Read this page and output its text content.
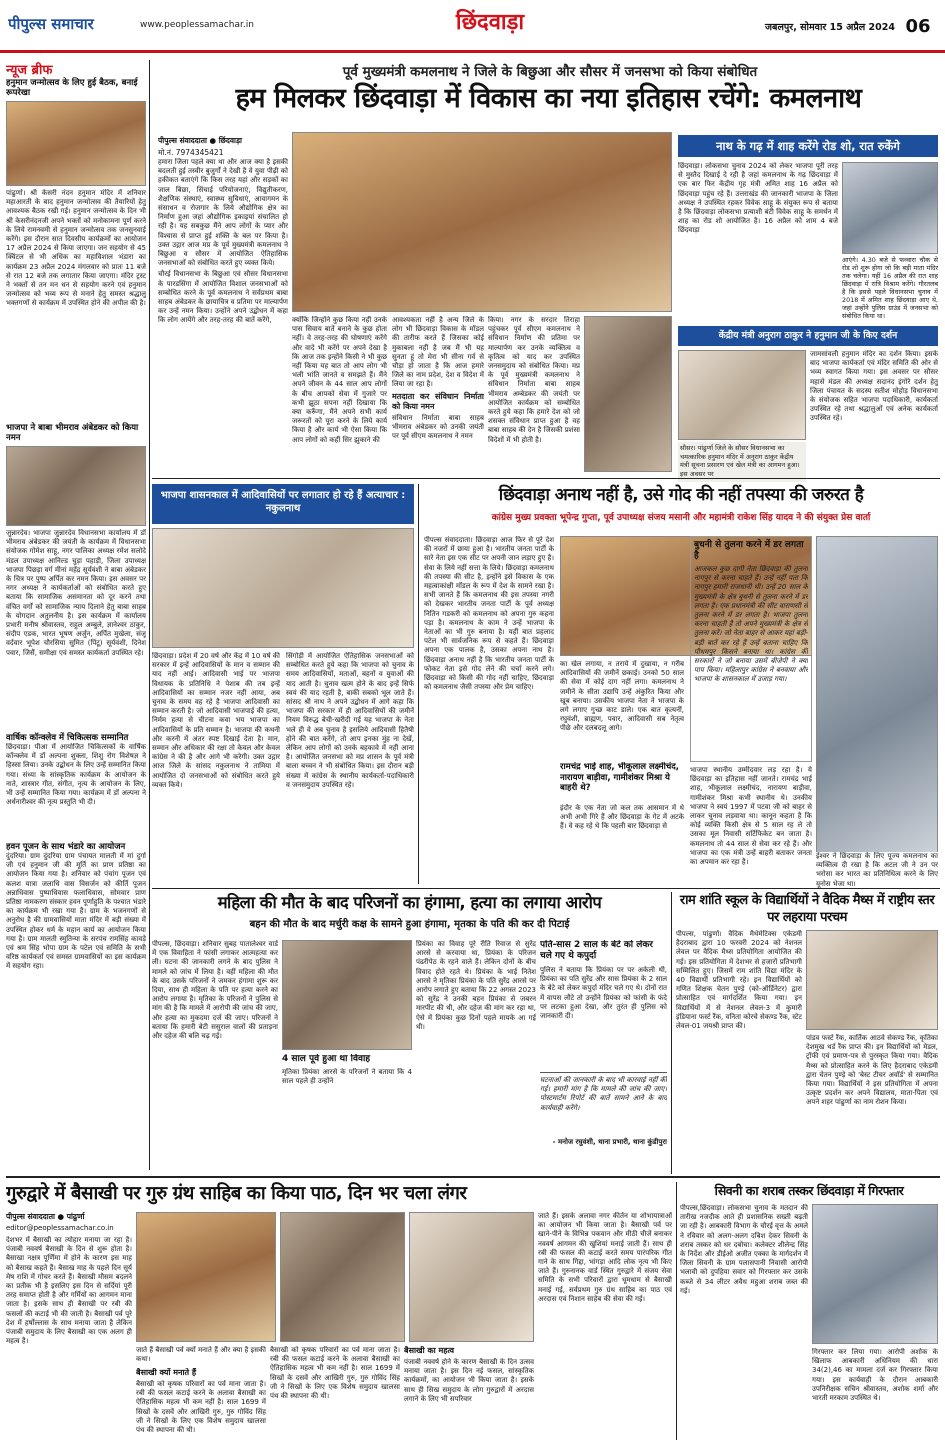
पीपुल्स समाचार	www.peoplessamachar.in	छिंदवाड़ा	जबलपुर, सोमवार 15 अप्रैल 2024 06
न्यूज ब्रीफ
हनुमान जन्मोत्सव के लिए हुई बैठक, बनाई रूपरेखा
पांढुर्णा। श्री केसरी नंदन हनुमान मंदिर में शनिवार महाआरती के बाद हनुमान जन्मोत्सव की तैयारियों हेतु आवश्यक बैठक रखी गई। हनुमान जन्मोत्सव के दिन भी श्री केसरीनंदनजी अपने भक्तों को मनोकामना पूर्ण करने के लिये रामनवमी से हनुमान जन्मोत्सव तक जनसुनवाई करेंगे। इस दौरान सात दिवसीय कार्यक्रमों का आयोजन 17 अप्रैल 2024 से किया जाएगा। जन सहयोग से 45 क्विंटल से भी अधिक का महाविशाल भंडारा का कार्यक्रम 23 अप्रैल 2024 मंगलवार को प्रातः 11 बजे से रात 12 बजे तक लगातार किया जाएगा। मंदिर ट्रस्ट ने भक्तों से तन मन धन से सहयोग करने एवं हनुमान जन्मोत्सव को भव्य रूप से मनाने हेतु समस्त श्रद्धालु भक्तगणों से कार्यक्रम में उपस्थित होने की अपील की है।
भाजपा ने बाबा भीमराव अंबेडकर को किया नमन
जुन्नारदेव। भाजपा जुन्नारदेव विधानसभा कार्यालय में डॉ भीमराव अंबेडकर की जयंती के कार्यक्रम में विधानसभा संयोजक गोमेश साहू, नगर पालिका अध्यक्ष रमेश सलोदे मंडल उपाध्यक्ष आनिल्ड चुड़ा पहाड़ी, जिला उपाध्यक्ष भाजपा पिछड़ा वर्ग मीनां महेंद्र सूर्यवंशी ने बाबा अंबेडकर के चित्र पर पुष्प अर्पित कर नमन किया। इस अवसर पर नगर अध्यक्ष ने कार्यकर्ताओं को संबोधित करते हुए बताया कि सामाजिक असमानता को दूर करने तथा वंचित वर्गों को सामाजिक न्याय दिलाने हेतु बाबा साहब के योगदान अतुलनीय है। इस कार्यक्रम में कार्यालय प्रभारी मनीष श्रीवास्तव, राहुल अम्बुले, ज्ञानेश्वर ठाकुर, संदीप एडक, भारत भूषण अर्जुन, अर्पित मुखेला, संजू वर्दवार भूपेश चौरसिया सुमित (पिंटू) सूर्यवंशी, दिनेश पवार, जिसैं, समीक्षा एवं समस्त कार्यकर्ता उपस्थित रहे।
वार्षिक कॉन्क्लेव में चिकित्सक सम्मानित
छिंदवाड़ा। पीआ में आयोजित चिकित्सकों के वार्षिक कॉन्क्लेव में डॉ अल्पना शुक्ला, शिशु रोग विशेषज्ञ ने हिस्सा लिया। उनके उद्बोधन के लिए उन्हें सम्मानित किया गया। संध्या के सांस्कृतिक कार्यक्रम के आयोजन के नाते, शास्त्रार गीत, संगीत, नृत्य के आयोजन के लिए, भी उन्हें सम्मानित किया गया। कार्यक्रम में डॉ अल्पना ने अर्धनारीश्वर की नृत्य प्रस्तुति भी दी।
हवन पूजन के साथ भंडारे का आयोजन
दुंदरिया। ग्राम दुंदरिया ग्राम पंचायत मालती में मां दुर्गा जी एवं हनुमान जी की मूर्ति का प्राण प्रतिष्ठा का आयोजन किया गया है। शनिवार को पंचांग पूजन एवं कलश यात्रा जलाधि वास विसर्जन को कीर्ति पूजन अन्नाधिवास पुष्पाधिवास फलाधिवास, सोमवार प्राण प्रतिष्ठा नामकरण संस्कार हवन पूर्णाहुति के पश्चात भंडारे का कार्यक्रम भी रखा गया है। ग्राम के भजनगणों से अनुरोध है की ग्रामवासियों माता मंदिर में बड़ी संख्या में उपस्थित होकर धर्म के महान कार्य का आयोजन किया गया है। ग्राम मालती स्मुतिन्या के सरपंच रामसिंह कावड़े एवं श्रम सिंह भोपा ग्राम के पटेल एवं समिति के सभी वरिष्ठ कार्यकर्ता एवं समस्त ग्रामवासियों का इस कार्यक्रम में सहयोग रहा।
पूर्व मुख्यमंत्री कमलनाथ ने जिले के बिछुआ और सौसर में जनसभा को किया संबोधित
हम मिलकर छिंदवाड़ा में विकास का नया इतिहास रचेंगे: कमलनाथ
पीपुल्स संवाददाता ● छिंदवाड़ा
मो.नं. 7974345421

हमारा जिला पहले क्या था और आज क्या है इसकी बदलती हुई तस्वीर बुजुर्गों ने देखी है वे युवा पीढ़ी को हकीकत बताएंगे कि किस तरह यहां और सड़कों का जाल बिछा, सिंचाई परियोजनाएं, विद्युतीकरण, शैक्षणिक संस्थाएं, स्वास्थ्य सुविधाएं, आवागमन के संसाधन व रोजगार के लिये औद्योगिक क्षेत्र का निर्माण हुआ जहां औद्योगिक इकाइयां संचालित हो रही है। यह सबकुछ मैंने आप लोगों के प्यार और विश्वास से प्राप्त हुई शक्ति के बल पर किया है। उक्त उद्गार आज मप्र के पूर्व मुख्यमंत्री कमलनाथ ने बिछुआ व सौसर में आयोजित ऐतिहासिक जनसभाओं को संबोधित करते हुए व्यक्त किये।

चौरई विधानसभा के बिछुआ एवं सौसर विधानसभा के पारडसिंगा में आयोजित विशाल जनसभाओं को सम्बोधित करने के पूर्व कमलनाथ ने सर्वप्रथम बाबा साहब अंबेडकर के छायाचित्र व प्रतिमा पर माल्यार्पण कर उन्हें नमन किया। उन्होंने अपने उद्बोधन में कहा कि लोग आयेंगे और तरह-तरह की बातें करेंगे,	क्योंकि जिन्होंने कुछ किया नहीं उनके पास सिवाय बातें बनाने के कुछ होता नहीं। वे तरह-तरह की घोषणाएं करेंगे और वादे भी करेंगे पर अपने देखा है कि आज तक इन्होंने किसी ने भी कुछ नहीं किया यह बात तो आप लोग भी भली भांति जानते व समझते हैं। मैंने अपने जीवन के 44 साल आप लोगों के बीच आपको सेवा में गुजारे पर कभी झूठा सपना नहीं दिखाया कि क्या करूँगा, मैंने अपने सभी कार्य जरूरतों को पूरा करने के लिये कार्य किया है और कार्य भी ऐसा किया कि आप लोगों को कहीं सिर झुकाने की

आवश्यकता नहीं है अन्य जिले के लोग भी छिंदवाड़ा विकास के मॉडल की तारीफ करते हैं जिसका कोई मुकाबला नहीं है जब मैं भी यह सुनता हूं तो मेरा भी सीना गर्व से चौड़ा हो जाता है कि आज हमारे जिले का नाम प्रदेश, देश व विदेश में लिया जा रहा है।

मतदाता कर संविधान निर्माता को किया नमन

संविधान निर्माता बाबा साहब भीमराव अंबेडकर को उनकी जयंती पर पूर्व सीएम कमलनाथ ने नमन

किया। नगर के सरदार तिराहा पहुंचकर पूर्व सीएम कमलनाथ ने संविधान निर्माण की प्रतिमा पर माल्यार्पण कर उनके व्यक्तित्व व कृतित्व को याद कर उपस्थित जनसमुदाय को संबोधित किया। मप्र के पूर्व मुख्यमंत्री कमलनाथ ने संविधान निर्माता बाबा साहब भीमराव अम्बेडकर की जयंती पर आयोजित कार्यक्रम को सम्बोधित करते हुये कहा कि हमारे देश को जो शसक्त संविधान प्राप्त हुआ है वह बाबा साहब की देन है जिसकी प्रशंसा विदेशों में भी होती है।
नाथ के गढ़ में शाह करेंगे रोड शो, रात रुकेंगे
छिंदवाड़ा। लोकसभा चुनाव 2024 को लेकर भाजपा पूरी तरह से मुस्तैद दिखाई दे रही है जहां कमलनाथ के गढ़ छिंदवाड़ा में एक बार फिर केंद्रीय गृह मंत्री अमित शाह 16 अप्रैल को छिंदवाड़ा पहुंच रहे हैं। उत्तराखंड की जानकारी भाजपा के जिला अध्यक्ष ने उपस्थित रहकर विवेक साहू के संयुक्त रूप से बताया है कि छिंदवाड़ा लोकसभा प्रत्याशी बंटी विवेक साहू के समर्थन में शाह का रोड शो आयोजित है। 16 अप्रैल को शाम 4 बजे छिंदवाड़ा
आएंगे। 4.30 बजे से फव्वारा चौक से रोड शो शुरू होगा जो कि बड़ी माता मंदिर तक चलेगा। यहीं 16 अप्रैल की रात शाह छिंदवाड़ा में रात्रि विश्राम करेंगे। गौरतलब है कि इससे पहले विधानसभा चुनाव में 2018 में अमित शाह छिंदवाड़ा आए थे, जहां उन्होंने पुलिस ग्राउंड में जनसभा को संबोधित किया था।
केंद्रीय मंत्री अनुराग ठाकुर ने हनुमान जी के किए दर्शन
सौसर। पांढुर्णा जिले के सौसर विधानसभा का चमत्कारिक हनुमान मंदिर में अनुराग ठाकुर केंद्रीय मंत्री सूचना प्रसारण एवं खेल मंत्री का आगमन हुआ। इस अवसर पर
जामसांवली हनुमान मंदिर का दर्शन किया। इसके बाद भाजपा कार्यकर्ता एवं मंदिर समिति की ओर से भव्य स्वागत किया गया। इस अवसर पर सौसर महासे मंडल की अध्यक्ष सदानंद इंगोरे दर्शन हेतु जिला पंचायत के सदस्य सतीश मोहोड़ विधानसभा के संयोजक सहित भाजपा पदाधिकारी, कार्यकर्ता उपस्थित रहे तथा श्रद्धालुओं एवं अनेक कार्यकर्ता उपस्थित रहे।
भाजपा शासनकाल में आदिवासियों पर लगातार हो रहे हैं अत्याचार : नकुलनाथ
छिंदवाड़ा। प्रदेश में 20 वर्ष और केंद्र में 10 वर्ष की सरकार में इन्हें आदिवासियों के मान व सम्मान की याद नहीं आई। आदिवासी भाई पर भाजपा विधायक के प्रतिनिधि ने पेशाब की तब इन्हें आदिवासियों का सम्मान नजर नहीं आया, अब चुनाव के समय वह रहे है भाजपा आदिवासी का सम्मान करती है। जो आदिवासी भाजपाई की हत्या, निर्मम हत्या से चीटना कवा भय भाजपा का आदिवासियों के प्रति सम्मान है। भाजपा की कथनी और करनी में अंतर स्पष्ट दिखाई देता है। मान, सम्मान और अधिकार की रक्षा तो केवल और केवल कांग्रेस ने की है और आगे भी करेगी। उक्त उद्गार आज जिले के सांसद नकुलनाथ ने तामिया में आयोजित दो जनसभाओं को संबोधित करते हुये व्यक्त किये।
सिंगोड़ी में आयोजित ऐतिहासिक जनसभाओं को सम्बोधित करते हुये कहा कि भाजपा को चुनाव के समय आदिवासियों, मताओं, बहनों व युवाओं की याद आती है। चुनाव खत्म होने के बाद इन्हें सिर्फ स्वयं की याद रहती है, बाकी सबको भूल जाते हैं। सांसद श्री नाथ ने अपने उद्बोधन में आगे कहा कि भाजपा की सरकार में ही आदिवासियों की जमीनें नियम विरुद्ध बेची-खरीदी गई यह भाजपा के नेता भले ही वे अब चुनाव है इसलिये आदिवासी हितैषी होने की बात करेंगे, तो आप इनका मुंह ना देखें, लेकिन आप लोगों को उनके बहकावे में नहीं आना है। आयोजित जनसभा को मप्र शासन के पूर्व मंत्री बाला बच्चन ने भी संबोधित किया। इस दौरान बड़ी संख्या में कांग्रेस के स्थानीय कार्यकर्ता-पदाधिकारी व जनसमुदाय उपस्थित रहे।
छिंदवाड़ा अनाथ नहीं है, उसे गोद की नहीं तपस्या की जरुरत है
कांग्रेस मुख्य प्रवक्ता भूपेन्द्र गुप्ता, पूर्व उपाध्यक्ष संजय मसानी और महामंत्री राकेश सिंह यादव ने की संयुक्त प्रेस वार्ता
पीपल्स संवाददाता। छिंदवाड़ा आज फिर से पूरे देश की नजरों में छाया हुआ है। भारतीय जनता पार्टी के सारे नेता इस एक सीट पर अपनी जान लड़ाए हुए है। सेवा के लिये नहीं सत्ता के लिये। छिंदवाड़ा कमलनाथ की तपस्या की सीट है, इन्होंने इसे विकास के एक महत्वाकांक्षी मॉडल के रूप में देश के सामने रखा है। सभी जानते हैं कि कमलनाथ की इस तपस्या नगरी को देखकर भारतीय जनता पार्टी के पूर्व अध्यक्ष नितिन गडकरी को कमलनाथ को अपना गुरु कहना पड़ा है। कमलनाथ के काम ने उन्हें भाजपा के नेताओं का भी गुरु बनाया है। यहीं बात प्रहलाद पटेल भी सार्वजनिक रूप से कहते हैं। छिंदवाड़ा अपना एक पालक है, उसका अपना नाथ है। छिंदवाड़ा अनाथ नहीं है कि भारतीय जनता पार्टी के फोकट नेता इसे गोद लेने की चर्चा करने लगे। छिंदवाड़ा को किसी की गोद नहीं चाहिए, छिंदवाड़ा को कमलनाथ जैसी तपस्या और प्रेम चाहिए।
का खेल लगाया, न तराये में दुखाया, न गरीब आदिवासियों की जमीनें छकाई। उनको 50 साल की सेवा में कोई दाग नहीं लगा। कमलनाथ ने जमीनें के सीता उद्यापि उन्हें अंकुरित किया और खूब बनाया। उसकीय भाजपा नेता ने भाजपा के लगे लगाए गुच्छ काट डाले। एक बात कृत्यनीं, रघुवंशी, ब्राह्मण, पवार, आदिवासी सब नेतृत्व पीछे और दलबदलू आगे।
रामचंद्र भाई शाह, भीकूलाल लक्ष्मीचंद, नारायण बाड़ीवा, गामीशंकर मिश्रा ये बाहरी थे?
इंदौर के एक नेता जो कल तक आसमान में थे अभी अभी गिरे हैं और छिंदवाड़ा के गेट में अटके हैं। वे कह रहे थे कि पहली बार छिंदवाड़ा से
बुधनी से तुलना करने में डर लगता है
आजकल कुछ दागी नेता छिंदवाड़ा की तुलना नागपुर से करना चाहते हैं। उन्हें नहीं पता कि नागपुर हमारी राजधानी थी। उन्हें 20 साल के मुख्यमंत्री के क्षेत्र बुधनी से तुलना करने में डर लगता है। एक प्रधानमंत्री की सीट वाराणसी से तुलना करने में डर लगता है। भाजपा तुलना करना चाहती है तो अपने मुख्यमंत्री के क्षेत्र से तुलना करें। जो नेता बाहर से आकर यहां बड़ी-बड़ी बातें कर रहे हैं उन्हें बताना चाहिए कि पीथमपुर किसने बनाया था। कांग्रेस की सरकारों ने जो बनाया उसमें बीजेपी ने क्या पाप किया। महिलापुर कांग्रेस ने बनवाया और भाजपा के शासनकाल में उजाड़ गया।
भाजपा स्थानीय उम्मीदवार लड़ रहा है। ये छिंदवाड़ा का इतिहास नहीं जानते। रामचंद्र भाई शाह, भीकूलाल लक्ष्मीचंद, नारायण बाड़ीवा, गामीशंकर मिश्रा कभी स्थानीय थे। उनकीय भाजपा ने स्वयं 1997 में पटवा जी को बाहर से लाकर चुनाव लड़वाया था। कानून कहता है कि कोई व्यक्ति किसी क्षेत्र से 5 साल रह ले तो उसका मूल निवासी सर्टिफिकेट बन जाता है। कमलनाथ तो 44 साल से सेवा कर रहे हैं। और भाजपा का एक मंत्री उन्हें बाहरी बताकर जनता का अपमान कर रहा है।
ईश्वर ने छिंदवाड़ा के लिए पूज्य कमलनाथ का व्यक्तित्व दी रखा है कि अटल जी ने उन पर भरोसा कर भारत का प्रतिनिधित्व करने के लिए यूनोस भेजा था।
महिला की मौत के बाद परिजनों का हंगामा, हत्या का लगाया आरोप
बहन की मौत के बाद मर्चुरी कक्ष के सामने हुआ हंगामा, मृतका के पति की कर दी पिटाई
पीपल्स, छिंदवाड़ा। शनिवार सुबह पातालेश्वर वार्ड में एक विवाहिता ने फांसी लगाकर आत्महत्या कर ली। घटना की जानकारी लगने के बाद पुलिस ने मामले को जांच में लिया है। वहीं महिला की मौत के बाद उसके परिजनों ने जमकर हंगामा शुरू कर दिया, साथ ही महिला के पति पर हत्या करने का आरोप लगाया है। मृतिका के परिजनों ने पुलिस से मांग की है कि मामले में आरोपी की जांच की जाए, और हत्या का मुकदमा दर्ज की जाए। परिजनों ने बताया कि हमारी बेटी ससुराल वालों की प्रताड़ना और दहेज की बलि चढ़ गई।
4 साल पूर्व हुआ था विवाह
मृतिका प्रियंका आरसे के परिजनों ने बताया कि 4 साल पहले ही उन्होंने
प्रियंका का विवाह पूरे रीति रिवाज से सुरेंद्र आरसे से करवाया था, प्रियंका के परिजन पंढरीपेठ के रहने वाले हैं। लेकिन दोनों के बीच विवाद होते रहते थे। प्रियंका के भाई नितेश आरसे ने मृतिका प्रियंका के पति सुरेंद्र आरसे पर आरोप लगाते हुए बताया कि 22 अगस्त 2023 को सुरेंद्र ने उनकी बहन प्रियंका से जबरन मारपीट की थी, और दहेज की मांग कर रहा था, ऐसे में प्रियंका कुछ दिनों पहले मायके आ गई थी।
पति-सास 2 साल के बेटे को लेकर चले गए थे कपुर्दा
पुलिस ने बताया कि प्रियंका पर पर अकेली थी, प्रियंका का पति सुरेंद्र और सास प्रियंका के 2 साल के बेटे को लेकर कपुर्दा मंदिर चले गए थे। दोनों रात में वापस लौटे तो उन्होंने प्रियंका को फांसी के फंदे पर लटका हुआ देखा, और तुरंत ही पुलिस को जानकारी दी।
घटनाओं की जानकारी के बाद भी कारवाई नहीं की गई। हमारी मांग है कि मामले की जांच की जाए। पोस्टमार्टम रिपोर्ट की बातें सामने आने के बाद कार्यवाही करेंगे।
- मनोज रघुवंशी, थाना प्रभारी, थाना कुंडीपुरा
राम शांति स्कूल के विद्यार्थियों ने वैदिक मैथ्स में राष्ट्रीय स्तर पर लहराया परचम
पीपल्स, पांढुर्णा। वैदिक मैथेमेटिक्स एकेडमी हैदराबाद द्वारा 10 फरवरी 2024 को नेशनल लेवल पर वैदिक मैथ्स प्रतियोगिता आयोजित की गई। इस प्रतियोगिता में देशभर से हजारों प्रतिभागी सम्मिलित हुए। जिसमें राम शांति विद्या मंदिर के 40 विद्यार्थी प्रतिभागी रहे। इन विद्यार्थियों को गणित शिक्षक चेतन पुण्ड़े (को-ऑर्डिनेटर) द्वारा प्रोत्साहित एवं मार्गदर्शित किया गया। इन विद्यार्थियों में से नेशनल लेवल-3 में कुमारी इंडियाना फर्स्ट रैंक, वनिता कोरचे सेकण्ड रैंक, स्टेट लेवल-01 जयश्री प्राप्त की।
पांडव फर्स्ट रैंक, कार्तिक आठवे सेकण्ड रैंक, कृतिका देशमुख थर्ड रैंक प्राप्त की। इन विद्यार्थियों को मेडल, ट्रॉफी एवं प्रमाण-पत्र से पुरस्कृत किया गया। वैदिक मैथ्स को प्रोत्साहित करने के लिए हैदराबाद एकेडमी द्वारा चेतन पुण्ड़े को 'बेस्ट टीचर अवॉर्ड' से सम्मानित किया गया। विद्यार्थियों ने इस प्रतियोगिता में अपना उत्कृष्ट प्रदर्शन कर अपने विद्यालय, माता-पिता एवं अपने शहर पांढुर्णा का नाम रोशन किया।
गुरुद्वारे में बैसाखी पर गुरु ग्रंथ साहिब का किया पाठ, दिन भर चला लंगर
पीपुल्स संवाददाता ● पांढुर्णा
editor@peoplessamachar.co.in
देशभर में बैसाखी का त्योहार मनाया जा रहा है। पंजाबी नववर्ष बैसाखी के दिन से शुरू होता है। बैसाखा नक्षत्र पूर्णिमा में होने के कारण इस माह को बैसाख कहते हैं। बैसाख माह के पहले दिन सूर्य मेष राशि में गोचर करते हैं। बैसाखी मौसम बदलने का प्रतीक भी है इसलिए इस दिन से सर्दियां पूरी तरह समाप्त होती है और गर्मियों का आगमन माना जाता है। इसके साथ ही बैसाखी पर रबी की फसलों की कटाई भी की जाती है। बैसाखी पर्व पूरे देश में हर्षोल्लास के साथ मनाया जाता है लेकिन पंजाबी समुदाय के लिए बैसाखी का एक अलग ही महत्व है।
जाते हैं बैसाखी पर्व क्यों मनाते हैं और क्या है इसकी कथा।
बैसाखी क्यों मनाते हैं
बैसाखी को कृषक परिवारों का पर्व माना जाता है। रबी की फसल कटाई करने के अलावा बैसाखी का ऐतिहासिक महत्व भी कम नहीं है। साल 1699 में सिखों के दसवें और आखिरी गुरु, गुरु गोविंद सिंह जी ने सिखों के लिए एक विशेष समुदाय खालसा पंथ की स्थापना की थी।
बैसाखी को कृषक परिवारों का पर्व माना जाता है। रबी की फसल कटाई करने के अलावा बैसाखी का ऐतिहासिक महत्व भी कम नहीं है। साल 1699 में सिखों के दसवें और आखिरी गुरु, गुरु गोविंद सिंह जी ने सिखों के लिए एक विशेष समुदाय खालसा पंथ की स्थापना की थी।
बैसाखी का महत्व
पंजाबी नववर्ष होने के कारण बैसाखी के दिन उत्सव मनाया जाता है। इस दिन नई फसल, सांस्कृतिक कार्यक्रमों, का आयोजन भी किया जाता है। इसके साथ ही सिख समुदाय के लोग गुरुद्वारों में अरदास लगाने के लिए भी सपरिवार
जाते हैं। इसके अलावा नगर कीर्तन या शोभायात्राओं का आयोजन भी किया जाता है। बैसाखी पर्व पर खाने-पीने के विभिन्न पकवान और मीठी चीजें बनाकर नववर्ष आगमन की खुशियां मनाई जाती हैं। साथ ही रबी की फसल की कटाई करते समय पारंपरिक गीत गाने के साथ गिद्दा, भांगड़ा आदि लोक नृत्य भी किए जाते हैं। गुरुनानक वार्ड स्थित गुरुद्वारे में संजय सेवा समिति के सभी परिवारों द्वारा धूमधाम से बैसाखी मनाई गई, सर्वप्रथम गुरु ग्रंथ साहिब का पाठ एवं अरदास एवं निशान साहेब की सेवा की गई।
सिवनी का शराब तस्कर छिंदवाड़ा में गिरफ्तार
पीपल्स,छिंदवाड़ा। लोकसभा चुनाव के मतदान की तारीख नजदीक आते ही प्रशासनिक सख्ती बढ़ती जा रही है। आबकारी विभाग के चौरई वृत्त के अमले ने रविवार को अलग-अलग दबिश देकर सिवनी के शराब तस्कर को धर दबोचा। कलेक्टर शीलेन्द्र सिंह के निर्देश और डीईओ अजीत एक्का के मार्गदर्शन में जिला सिवनी के ग्राम पलासपानी निवासी आरोपी भलावी को दुपहिया सवार को गिरफ्तार कर उसके कब्जे से 34 लीटर अवैध महुआ शराब जब्त की गई।
गिरफ्तार कर लिया गया। आरोपी अशोक के खिलाफ आबकारी अधिनियम की धारा 34(2),46 का मामला दर्ज कर गिरफ्तार किया गया। इस कार्यवाही के दौरान आबकारी उपनिरीक्षक सचिन श्रीवास्तव, अशोक शर्मा और भारती मरकाम उपस्थित थे।
